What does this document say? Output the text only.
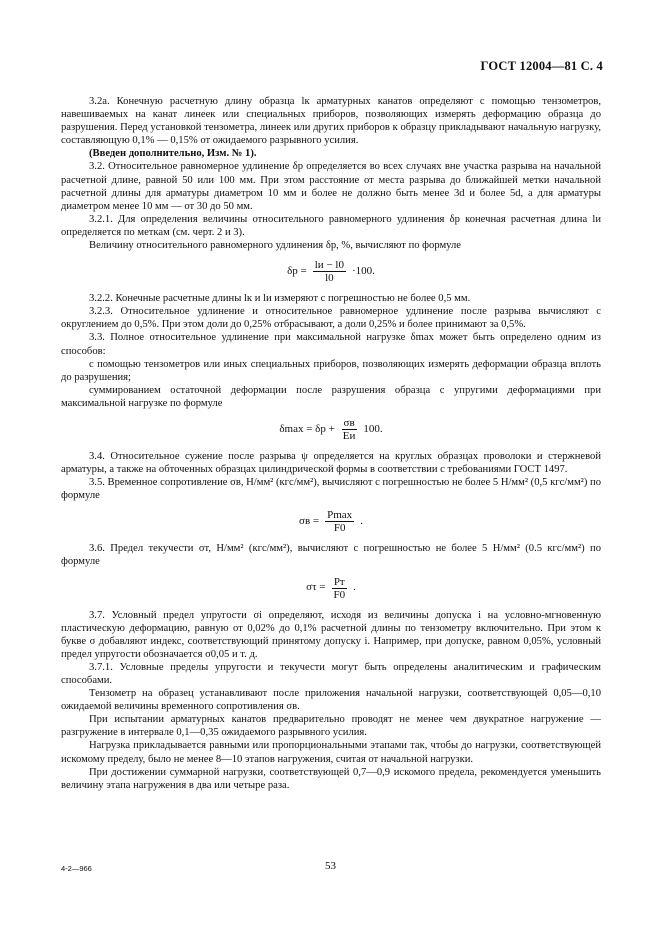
ГОСТ 12004—81 С. 4

3.2а. Конечную расчетную длину образца lк арматурных канатов определяют с помощью тензометров, навешиваемых на канат линеек или специальных приборов, позволяющих измерять деформацию образца до разрушения. Перед установкой тензометра, линеек или других приборов к образцу прикладывают начальную нагрузку, составляющую 0,1% — 0,15% от ожидаемого разрывного усилия.

(Введен дополнительно, Изм. № 1).

3.2. Относительное равномерное удлинение δр определяется во всех случаях вне участка разрыва на начальной расчетной длине, равной 50 или 100 мм. При этом расстояние от места разрыва до ближайшей метки начальной расчетной длины для арматуры диаметром 10 мм и более не должно быть менее 3d и более 5d, а для арматуры диаметром менее 10 мм — от 30 до 50 мм.

3.2.1. Для определения величины относительного равномерного удлинения δр конечная расчетная длина lи определяется по меткам (см. черт. 2 и 3).

Величину относительного равномерного удлинения δр, %, вычисляют по формуле

$\delta р = \frac{lи - l0}{l0} \cdot 100$.

3.2.2. Конечные расчетные длины lк и lи измеряют с погрешностью не более 0,5 мм.

3.2.3. Относительное удлинение и относительное равномерное удлинение после разрыва вычисляют с округлением до 0,5%. При этом доли до 0,25% отбрасывают, а доли 0,25% и более принимают за 0,5%.

3.3. Полное относительное удлинение при максимальной нагрузке δmax может быть определено одним из способов:

с помощью тензометров или иных специальных приборов, позволяющих измерять деформации образца вплоть до разрушения;

суммированием остаточной деформации после разрушения образца с упругими деформациями при максимальной нагрузке по формуле

$\delta\max = \delta р + \frac{\sigma в}{Eи} 100$.

3.4. Относительное сужение после разрыва ψ определяется на круглых образцах проволоки и стержневой арматуры, а также на обточенных образцах цилиндрической формы в соответствии с требованиями ГОСТ 1497.

3.5. Временное сопротивление σв, Н/мм² (кгс/мм²), вычисляют с погрешностью не более 5 Н/мм² (0,5 кгс/мм²) по формуле

$\sigma в = \frac{Pmax}{F0}$ .

3.6. Предел текучести σт, Н/мм² (кгс/мм²), вычисляют с погрешностью не более 5 Н/мм² (0.5 кгс/мм²) по формуле

$\sigma\tau = \frac{Pт}{F0}$ .

3.7. Условный предел упругости σi определяют, исходя из величины допуска i на условно-мгновенную пластическую деформацию, равную от 0,02% до 0,1% расчетной длины по тензометру включительно. При этом к букве σ добавляют индекс, соответствующий принятому допуску i. Например, при допуске, равном 0,05%, условный предел упругости обозначается σ0,05 и т. д.

3.7.1. Условные пределы упругости и текучести могут быть определены аналитическим и графическим способами.

Тензометр на образец устанавливают после приложения начальной нагрузки, соответствующей 0,05—0,10 ожидаемой величины временного сопротивления σв.

При испытании арматурных канатов предварительно проводят не менее чем двукратное нагружение — разгружение в интервале 0,1—0,35 ожидаемого разрывного усилия.

Нагрузка прикладывается равными или пропорциональными этапами так, чтобы до нагрузки, соответствующей искомому пределу, было не менее 8—10 этапов нагружения, считая от начальной нагрузки.

При достижении суммарной нагрузки, соответствующей 0,7—0,9 искомого предела, рекомендуется уменьшить величину этапа нагружения в два или четыре раза.

4-2—966	53
